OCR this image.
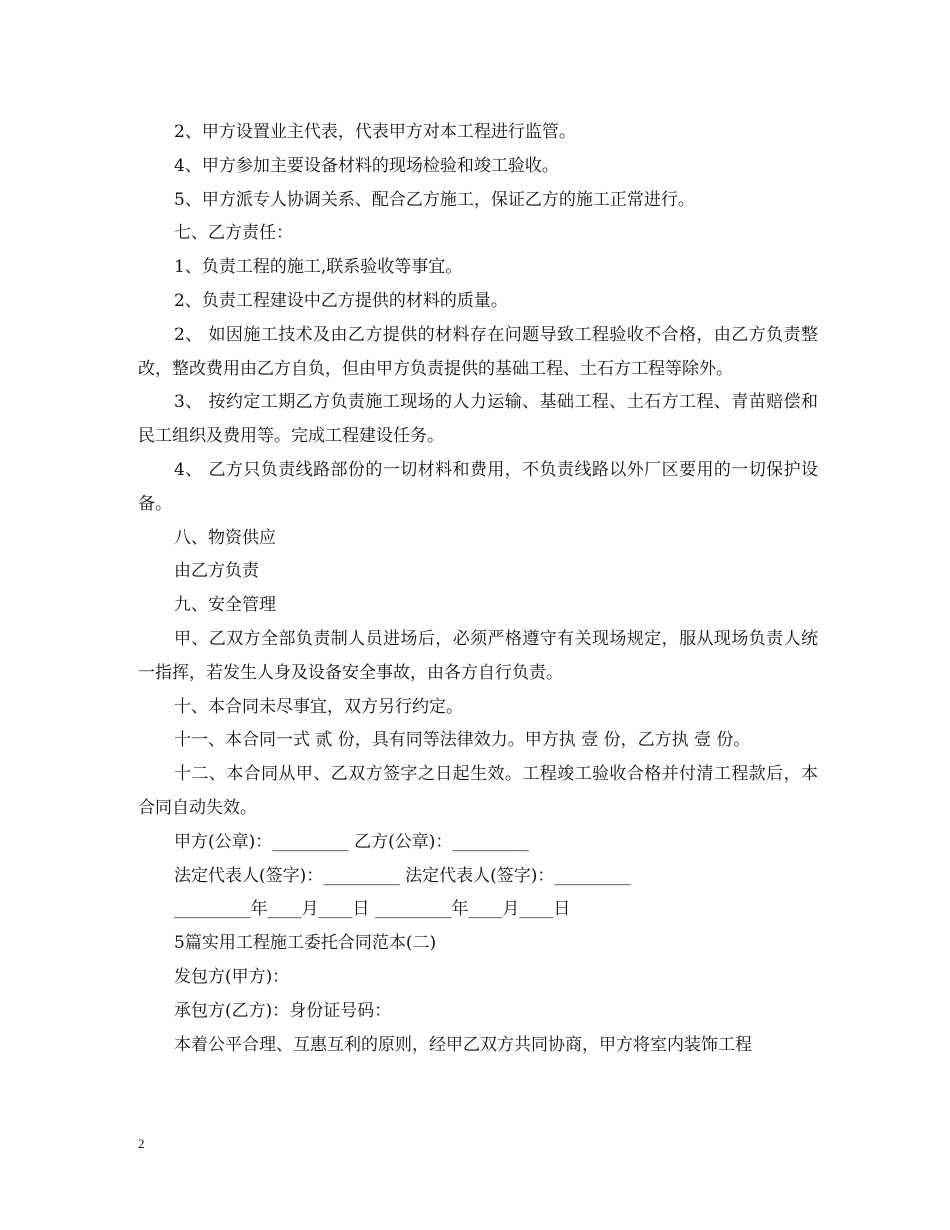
2、甲方设置业主代表，代表甲方对本工程进行监管。

4、甲方参加主要设备材料的现场检验和竣工验收。

5、甲方派专人协调关系、配合乙方施工，保证乙方的施工正常进行。

七、乙方责任：

1、负责工程的施工,联系验收等事宜。

2、负责工程建设中乙方提供的材料的质量。

2、 如因施工技术及由乙方提供的材料存在问题导致工程验收不合格，由乙方负责整改，整改费用由乙方自负，但由甲方负责提供的基础工程、土石方工程等除外。

3、 按约定工期乙方负责施工现场的人力运输、基础工程、土石方工程、青苗赔偿和民工组织及费用等。完成工程建设任务。

4、 乙方只负责线路部份的一切材料和费用，不负责线路以外厂区要用的一切保护设备。

八、物资供应

由乙方负责

九、安全管理

甲、乙双方全部负责制人员进场后，必须严格遵守有关现场规定，服从现场负责人统一指挥，若发生人身及设备安全事故，由各方自行负责。

十、本合同未尽事宜，双方另行约定。

十一、本合同一式 贰 份，具有同等法律效力。甲方执 壹 份，乙方执 壹 份。

十二、本合同从甲、乙双方签字之日起生效。工程竣工验收合格并付清工程款后，本合同自动失效。

甲方(公章)：_________ 乙方(公章)：_________

法定代表人(签字)：_________ 法定代表人(签字)：_________

_________年____月____日 _________年____月____日

5篇实用工程施工委托合同范本(二)

发包方(甲方)：

承包方(乙方)：身份证号码：

本着公平合理、互惠互利的原则，经甲乙双方共同协商，甲方将室内装饰工程

2
